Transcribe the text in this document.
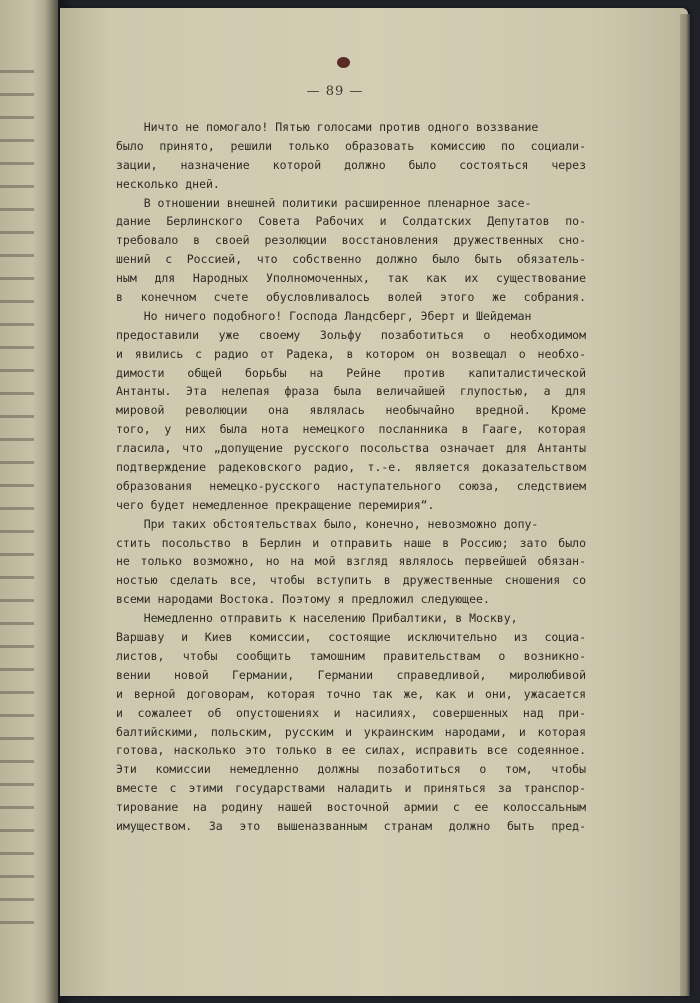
— 89 —
Ничто не помогало! Пятью голосами против одного воззвание
было принято, решили только образовать комиссию по социали-
зации, назначение которой должно было состояться через
несколько дней.
В отношении внешней политики расширенное пленарное засе-
дание Берлинского Совета Рабочих и Солдатских Депутатов по-
требовало в своей резолюции восстановления дружественных сно-
шений с Россией, что собственно должно было быть обязатель-
ным для Народных Уполномоченных, так как их существование
в конечном счете обусловливалось волей этого же собрания.
Но ничего подобного! Господа Ландсберг, Эберт и Шейдеман
предоставили уже своему Зольфу позаботиться о необходимом
и явились с радио от Радека, в котором он возвещал о необхо-
димости общей борьбы на Рейне против капиталистической
Антанты. Эта нелепая фраза была величайшей глупостью, а для
мировой революции она являлась необычайно вредной. Кроме
того, у них была нота немецкого посланника в Гааге, которая
гласила, что „допущение русского посольства означает для Антанты
подтверждение радековского радио, т.-е. является доказательством
образования немецко-русского наступательного союза, следствием
чего будет немедленное прекращение перемирия“.
При таких обстоятельствах было, конечно, невозможно допу-
стить посольство в Берлин и отправить наше в Россию; зато было
не только возможно, но на мой взгляд являлось первейшей обязан-
ностью сделать все, чтобы вступить в дружественные сношения со
всеми народами Востока. Поэтому я предложил следующее.
Немедленно отправить к населению Прибалтики, в Москву,
Варшаву и Киев комиссии, состоящие исключительно из социа-
листов, чтобы сообщить тамошним правительствам о возникно-
вении новой Германии, Германии справедливой, миролюбивой
и верной договорам, которая точно так же, как и они, ужасается
и сожалеет об опустошениях и насилиях, совершенных над при-
балтийскими, польским, русским и украинским народами, и которая
готова, насколько это только в ее силах, исправить все содеянное.
Эти комиссии немедленно должны позаботиться о том, чтобы
вместе с этими государствами наладить и приняться за транспор-
тирование на родину нашей восточной армии с ее колоссальным
имуществом. За это вышеназванным странам должно быть пред-
